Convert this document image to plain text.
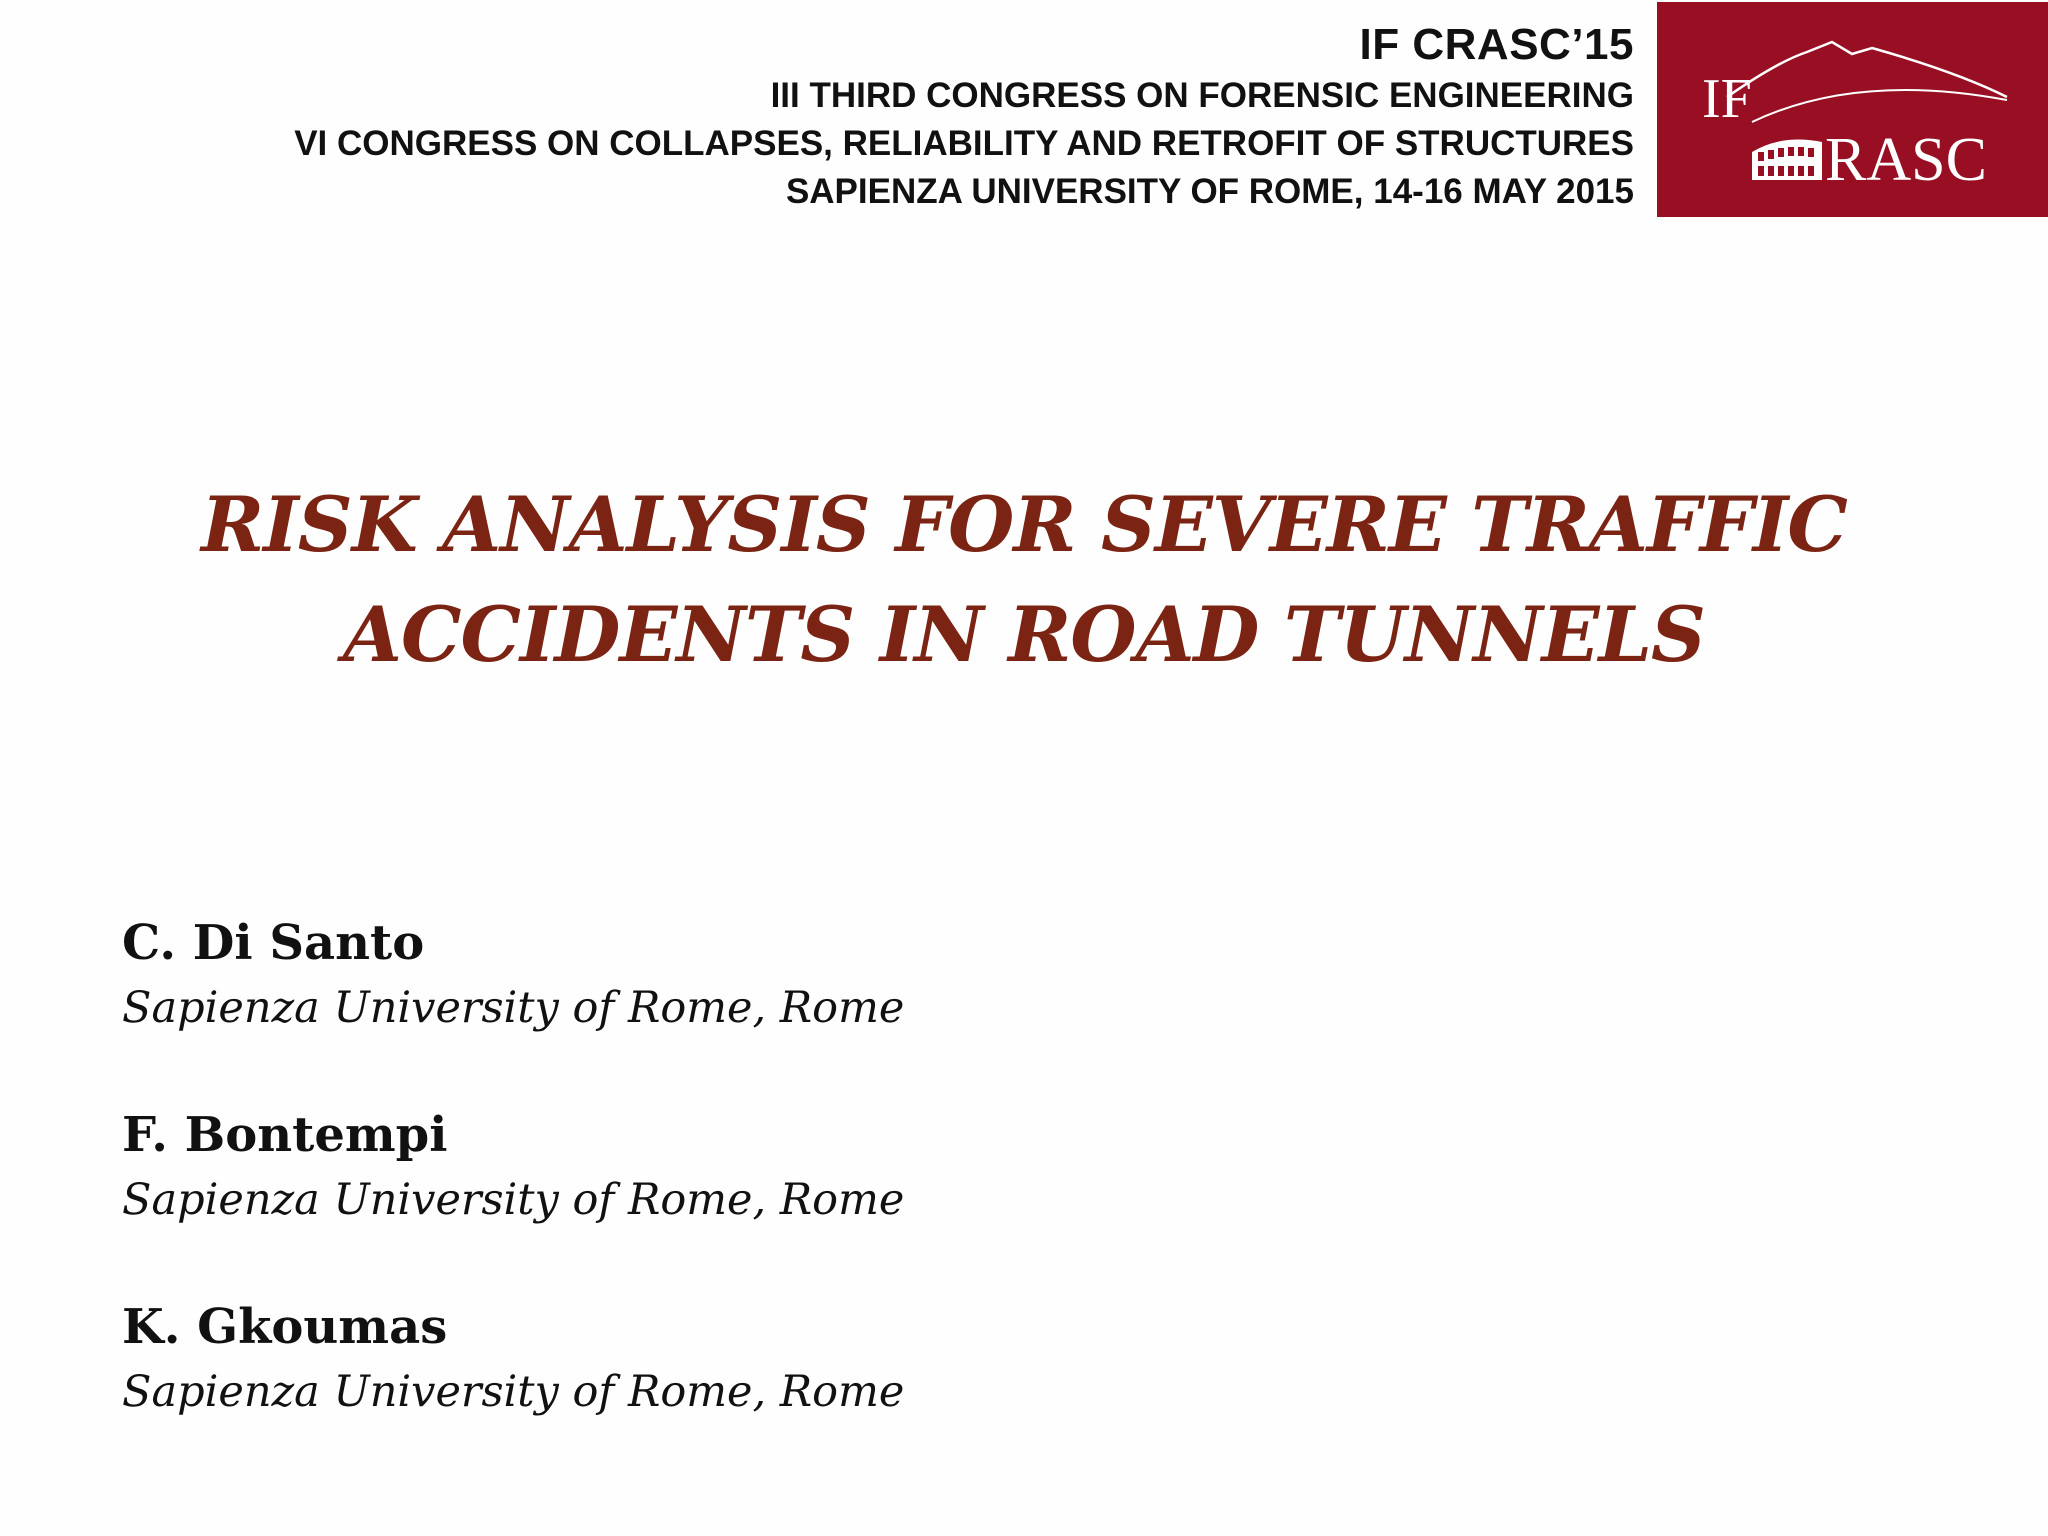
IF CRASC’15
III THIRD CONGRESS ON FORENSIC ENGINEERING
VI CONGRESS ON COLLAPSES, RELIABILITY AND RETROFIT OF STRUCTURES
SAPIENZA UNIVERSITY OF ROME, 14-16 MAY 2015
IF
RASC
RISK ANALYSIS FOR SEVERE TRAFFIC
ACCIDENTS IN ROAD TUNNELS
C. Di Santo
Sapienza University of Rome, Rome
F. Bontempi
Sapienza University of Rome, Rome
K. Gkoumas
Sapienza University of Rome, Rome
